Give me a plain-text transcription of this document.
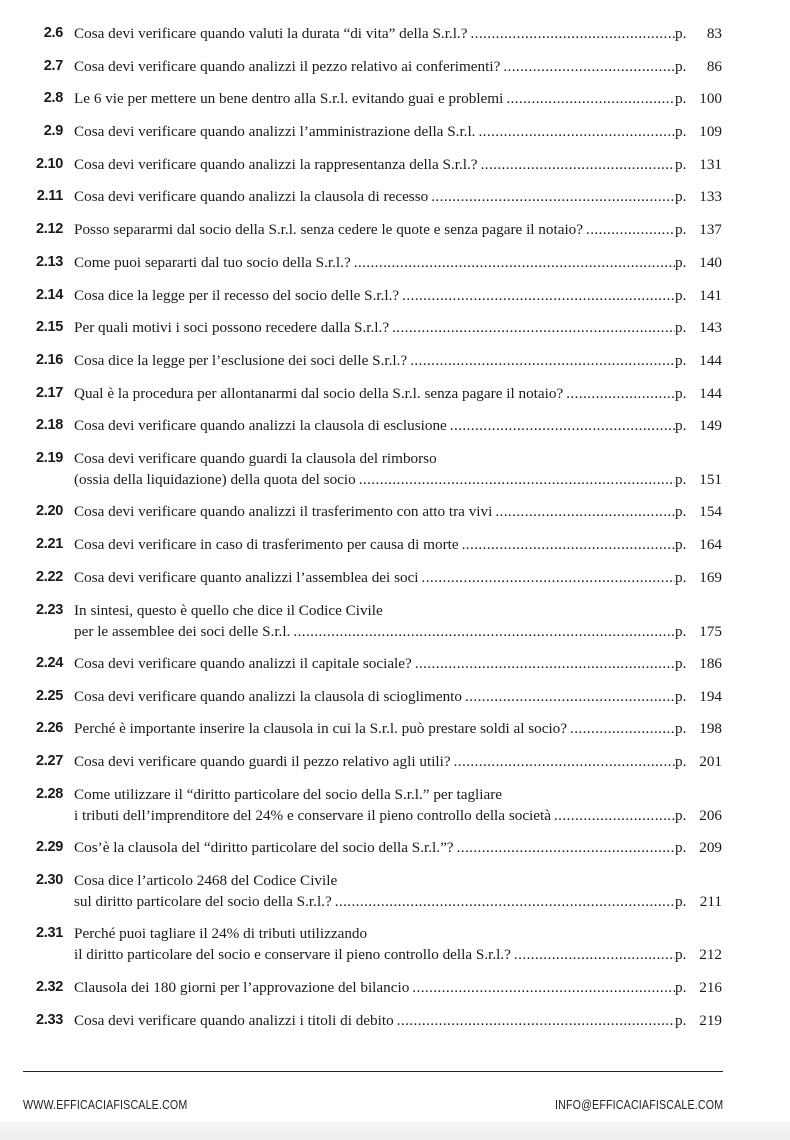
2.6 Cosa devi verificare quando valuti la durata “di vita” della S.r.l.? .....	p.	83
2.7 Cosa devi verificare quando analizzi il pezzo relativo ai conferimenti? .....	p.	86
2.8 Le 6 vie per mettere un bene dentro alla S.r.l. evitando guai e problemi .....	p. 100
2.9 Cosa devi verificare quando analizzi l’amministrazione della S.r.l. .....	p. 109
2.10 Cosa devi verificare quando analizzi la rappresentanza della S.r.l.? .....	p. 131
2.11 Cosa devi verificare quando analizzi la clausola di recesso .....	p. 133
2.12 Posso separarmi dal socio della S.r.l. senza cedere le quote e senza pagare il notaio? .....	p. 137
2.13 Come puoi separarti dal tuo socio della S.r.l.? .....	p. 140
2.14 Cosa dice la legge per il recesso del socio delle S.r.l.? .....	p. 141
2.15 Per quali motivi i soci possono recedere dalla S.r.l.? .....	p. 143
2.16 Cosa dice la legge per l’esclusione dei soci delle S.r.l.? .....	p. 144
2.17 Qual è la procedura per allontanarmi dal socio della S.r.l. senza pagare il notaio? .....	p. 144
2.18 Cosa devi verificare quando analizzi la clausola di esclusione .....	p. 149
2.19 Cosa devi verificare quando guardi la clausola del rimborso
(ossia della liquidazione) della quota del socio .....	p. 151
2.20 Cosa devi verificare quando analizzi il trasferimento con atto tra vivi .....	p. 154
2.21 Cosa devi verificare in caso di trasferimento per causa di morte .....	p. 164
2.22 Cosa devi verificare quanto analizzi l’assemblea dei soci .....	p. 169
2.23 In sintesi, questo è quello che dice il Codice Civile
per le assemblee dei soci delle S.r.l. .....	p. 175
2.24 Cosa devi verificare quando analizzi il capitale sociale? .....	p. 186
2.25 Cosa devi verificare quando analizzi la clausola di scioglimento .....	p. 194
2.26 Perché è importante inserire la clausola in cui la S.r.l. può prestare soldi al socio? .....	p. 198
2.27 Cosa devi verificare quando guardi il pezzo relativo agli utili? .....	p. 201
2.28 Come utilizzare il “diritto particolare del socio della S.r.l.” per tagliare
i tributi dell’imprenditore del 24% e conservare il pieno controllo della società .....	p. 206
2.29 Cos’è la clausola del “diritto particolare del socio della S.r.l.”? .....	p. 209
2.30 Cosa dice l’articolo 2468 del Codice Civile
sul diritto particolare del socio della S.r.l.? .....	p. 211
2.31 Perché puoi tagliare il 24% di tributi utilizzando
il diritto particolare del socio e conservare il pieno controllo della S.r.l.? .....	p. 212
2.32 Clausola dei 180 giorni per l’approvazione del bilancio .....	p. 216
2.33 Cosa devi verificare quando analizzi i titoli di debito .....	p. 219
WWW.EFFICACIAFISCALE.COM	INFO@EFFICACIAFISCALE.COM
